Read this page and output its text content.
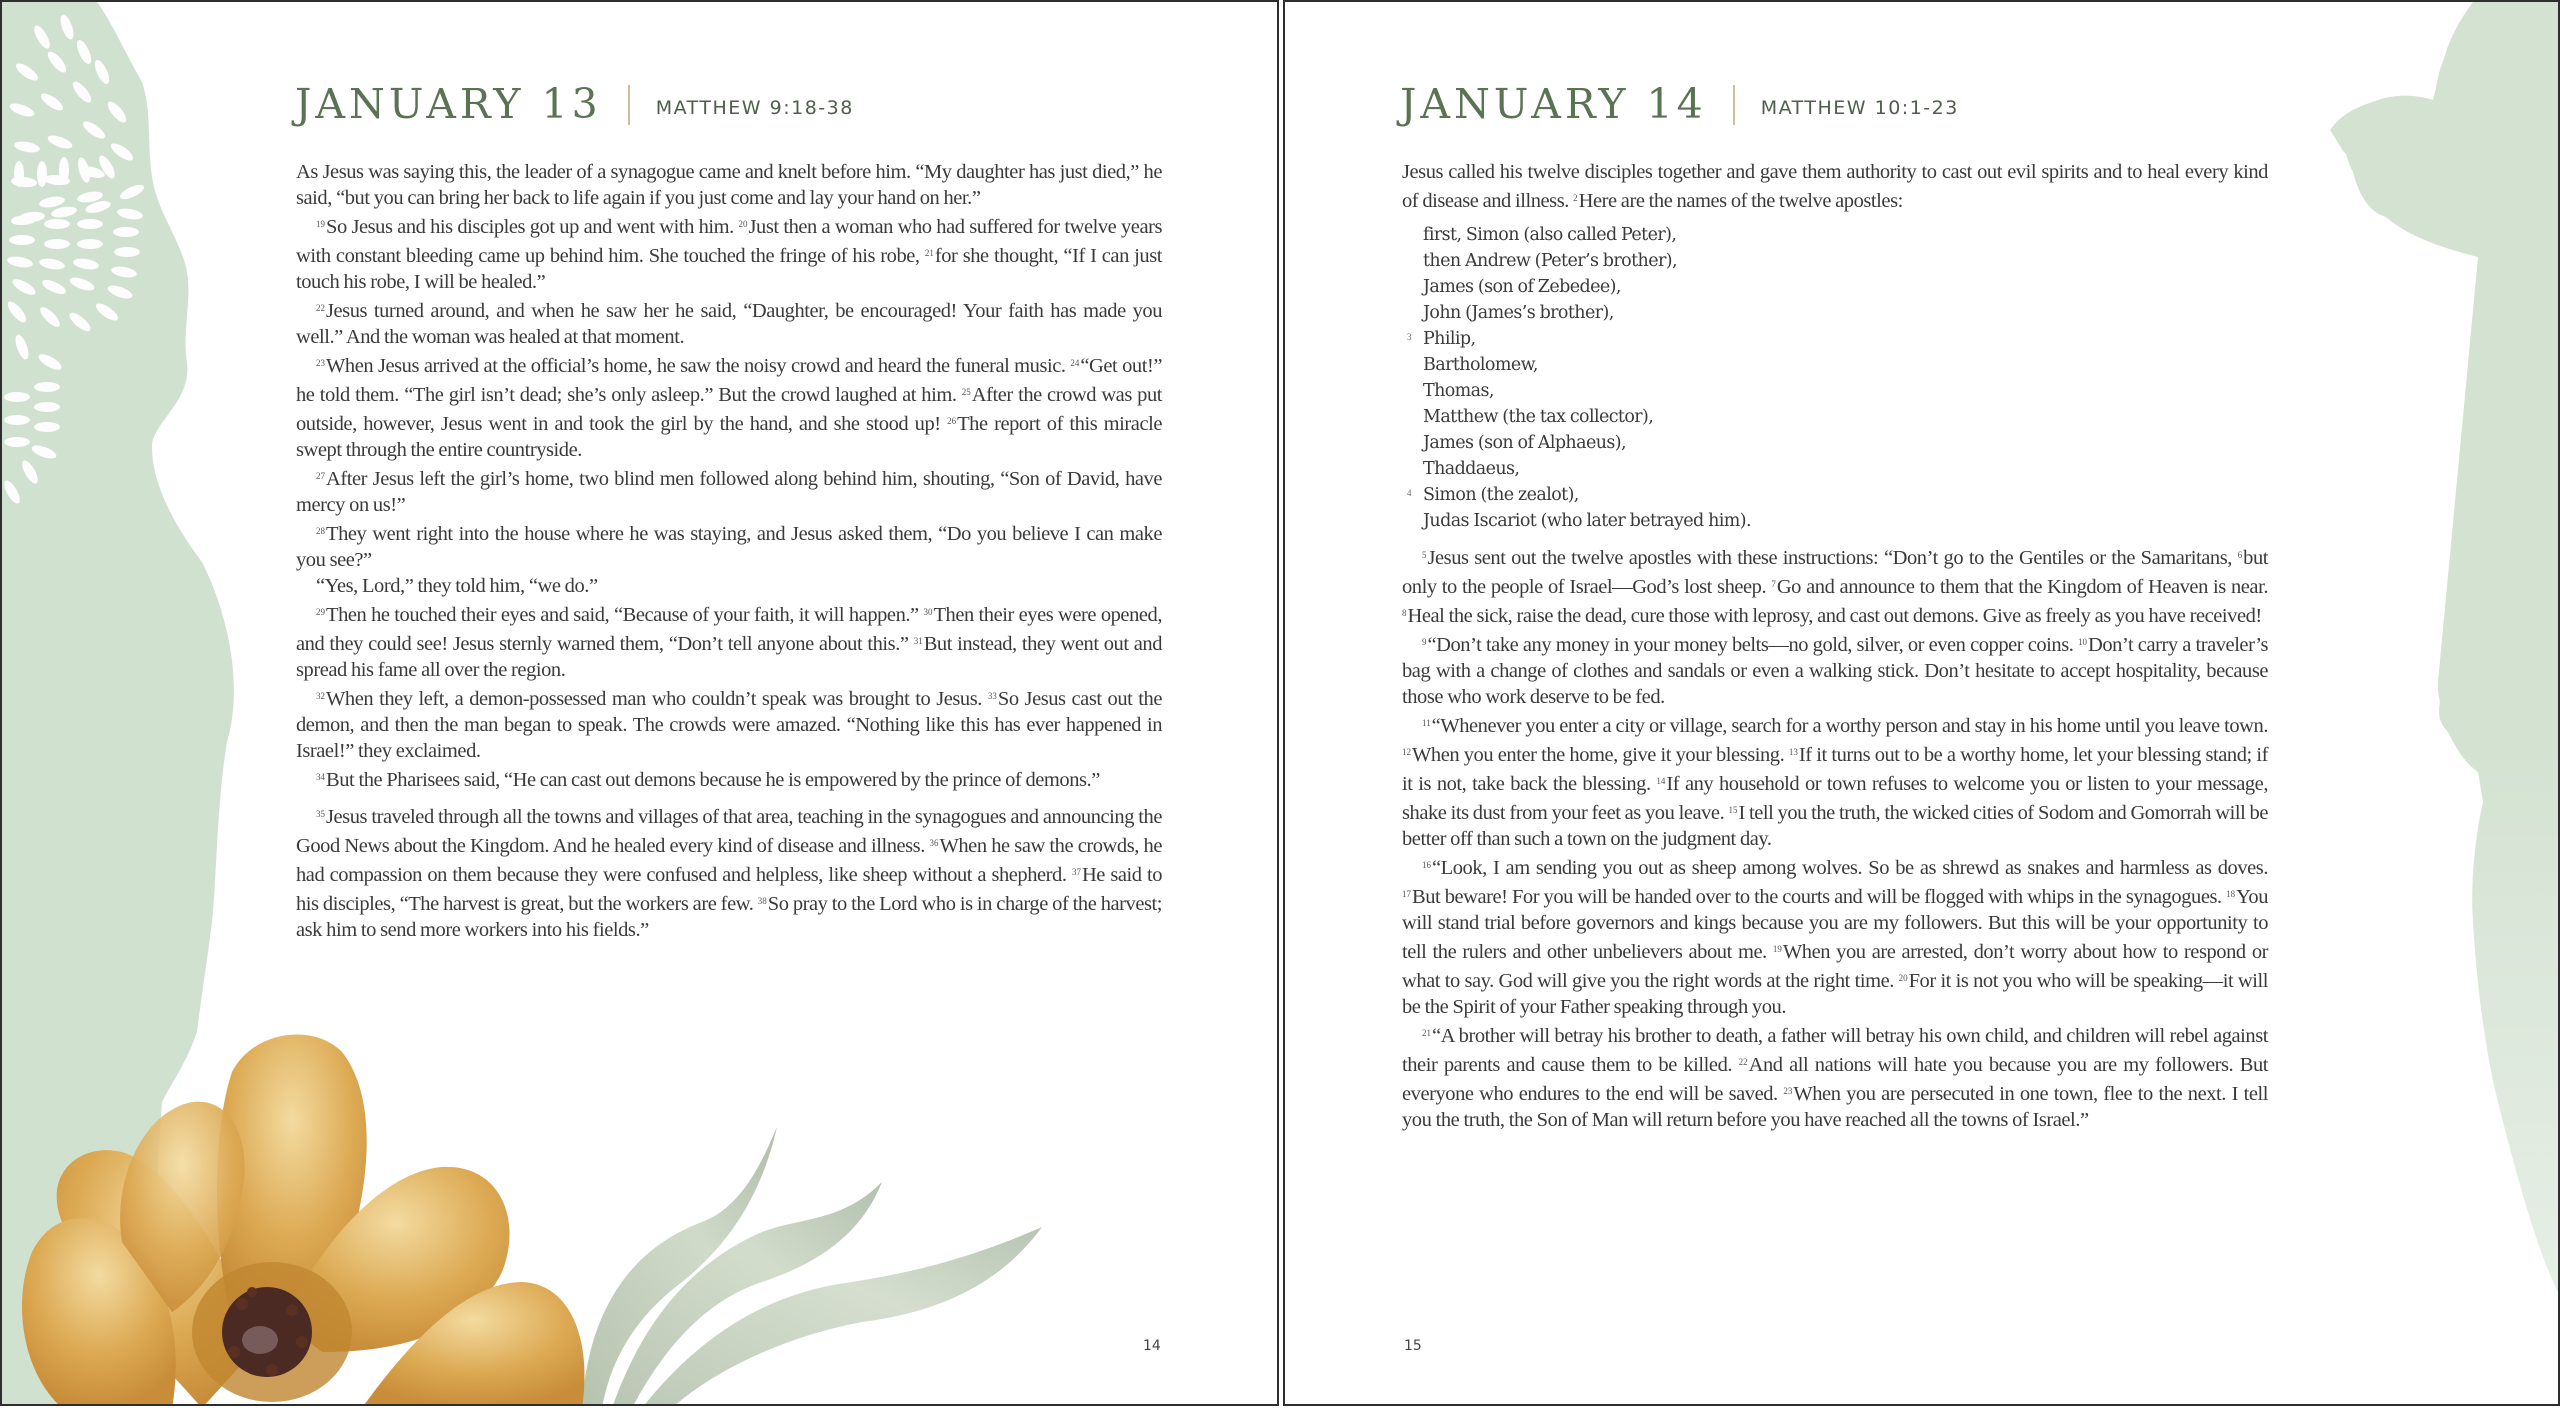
JANUARY 13	MATTHEW 9:18-38

As Jesus was saying this, the leader of a synagogue came and knelt before him. “My daughter has just died,” he said, “but you can bring her back to life again if you just come and lay your hand on her.”

$^{19}$So Jesus and his disciples got up and went with him. $^{20}$Just then a woman who had suffered for twelve years with constant bleeding came up behind him. She touched the fringe of his robe, $^{21}$for she thought, “If I can just touch his robe, I will be healed.”

$^{22}$Jesus turned around, and when he saw her he said, “Daughter, be encouraged! Your faith has made you well.” And the woman was healed at that moment.

$^{23}$When Jesus arrived at the official’s home, he saw the noisy crowd and heard the funeral music. $^{24}$“Get out!” he told them. “The girl isn’t dead; she’s only asleep.” But the crowd laughed at him. $^{25}$After the crowd was put outside, however, Jesus went in and took the girl by the hand, and she stood up! $^{26}$The report of this miracle swept through the entire countryside.

$^{27}$After Jesus left the girl’s home, two blind men followed along behind him, shouting, “Son of David, have mercy on us!”

$^{28}$They went right into the house where he was staying, and Jesus asked them, “Do you believe I can make you see?”

“Yes, Lord,” they told him, “we do.”

$^{29}$Then he touched their eyes and said, “Because of your faith, it will happen.” $^{30}$Then their eyes were opened, and they could see! Jesus sternly warned them, “Don’t tell anyone about this.” $^{31}$But instead, they went out and spread his fame all over the region.

$^{32}$When they left, a demon-possessed man who couldn’t speak was brought to Jesus. $^{33}$So Jesus cast out the demon, and then the man began to speak. The crowds were amazed. “Nothing like this has ever happened in Israel!” they exclaimed.

$^{34}$But the Pharisees said, “He can cast out demons because he is empowered by the prince of demons.”

$^{35}$Jesus traveled through all the towns and villages of that area, teaching in the synagogues and announcing the Good News about the Kingdom. And he healed every kind of disease and illness. $^{36}$When he saw the crowds, he had compassion on them because they were confused and helpless, like sheep without a shepherd. $^{37}$He said to his disciples, “The harvest is great, but the workers are few. $^{38}$So pray to the Lord who is in charge of the harvest; ask him to send more workers into his fields.”

14
JANUARY 14	MATTHEW 10:1-23

Jesus called his twelve disciples together and gave them authority to cast out evil spirits and to heal every kind of disease and illness. $^2$Here are the names of the twelve apostles:

first, Simon (also called Peter),
then Andrew (Peter’s brother),
James (son of Zebedee),
John (James’s brother),
3 Philip,
Bartholomew,
Thomas,
Matthew (the tax collector),
James (son of Alphaeus),
Thaddaeus,
4 Simon (the zealot),
Judas Iscariot (who later betrayed him).

$^5$Jesus sent out the twelve apostles with these instructions: “Don’t go to the Gentiles or the Samaritans, $^6$but only to the people of Israel—God’s lost sheep. $^7$Go and announce to them that the Kingdom of Heaven is near. $^8$Heal the sick, raise the dead, cure those with leprosy, and cast out demons. Give as freely as you have received!

$^9$“Don’t take any money in your money belts—no gold, silver, or even copper coins. $^{10}$Don’t carry a traveler’s bag with a change of clothes and sandals or even a walking stick. Don’t hesitate to accept hospitality, because those who work deserve to be fed.

$^{11}$“Whenever you enter a city or village, search for a worthy person and stay in his home until you leave town. $^{12}$When you enter the home, give it your blessing. $^{13}$If it turns out to be a worthy home, let your blessing stand; if it is not, take back the blessing. $^{14}$If any household or town refuses to welcome you or listen to your message, shake its dust from your feet as you leave. $^{15}$I tell you the truth, the wicked cities of Sodom and Gomorrah will be better off than such a town on the judgment day.

$^{16}$“Look, I am sending you out as sheep among wolves. So be as shrewd as snakes and harmless as doves. $^{17}$But beware! For you will be handed over to the courts and will be flogged with whips in the synagogues. $^{18}$You will stand trial before governors and kings because you are my followers. But this will be your opportunity to tell the rulers and other unbelievers about me. $^{19}$When you are arrested, don’t worry about how to respond or what to say. God will give you the right words at the right time. $^{20}$For it is not you who will be speaking—it will be the Spirit of your Father speaking through you.

$^{21}$“A brother will betray his brother to death, a father will betray his own child, and children will rebel against their parents and cause them to be killed. $^{22}$And all nations will hate you because you are my followers. But everyone who endures to the end will be saved. $^{23}$When you are persecuted in one town, flee to the next. I tell you the truth, the Son of Man will return before you have reached all the towns of Israel.”

15
